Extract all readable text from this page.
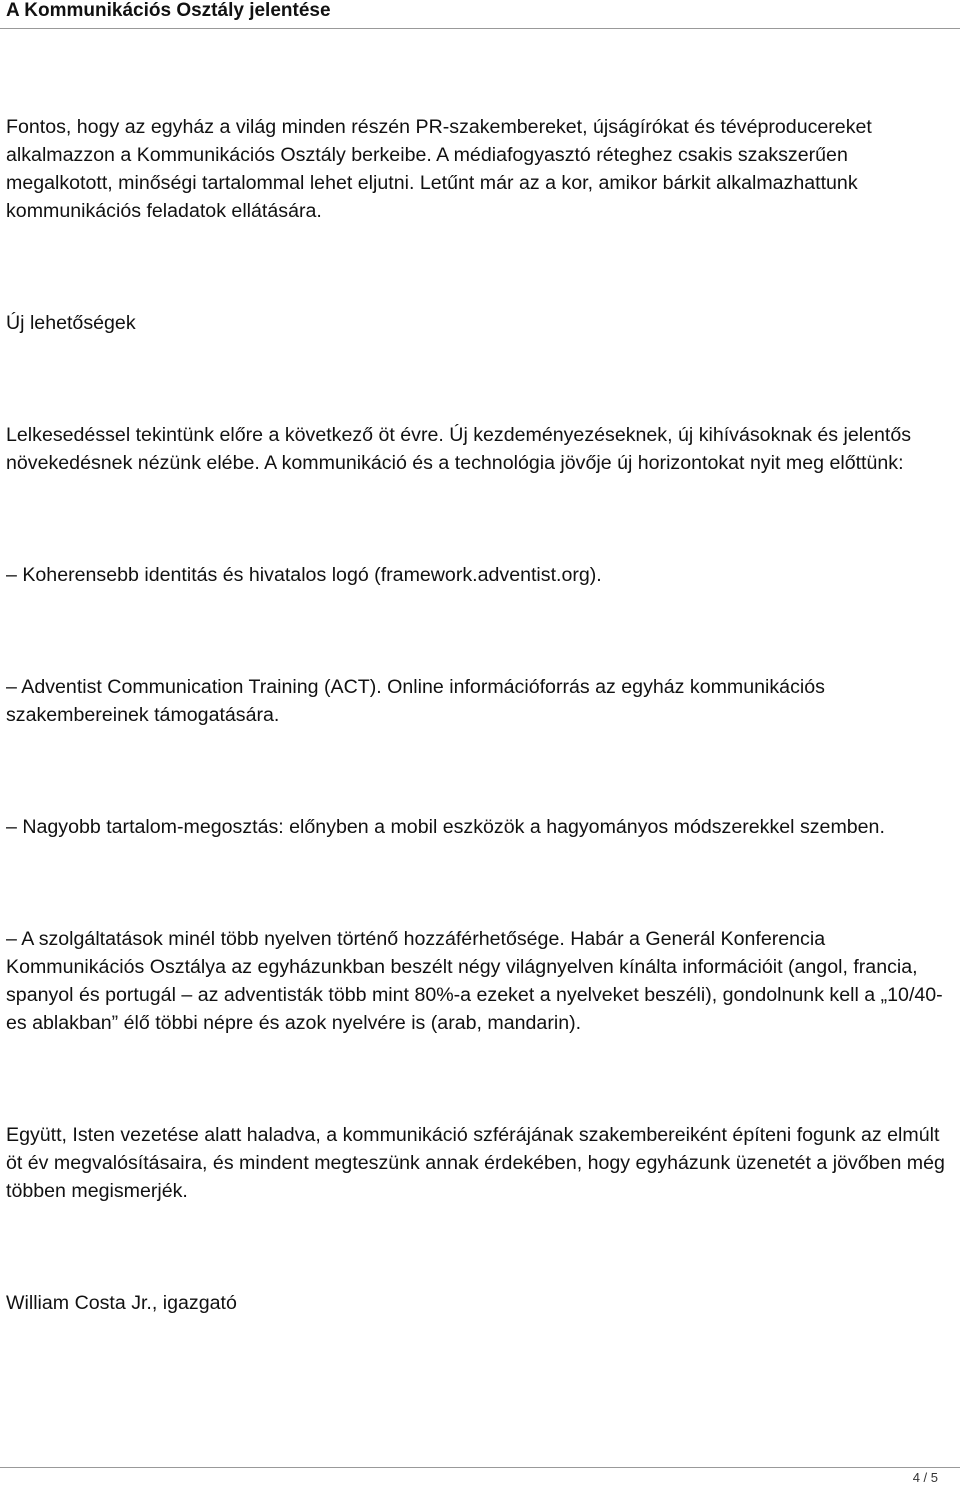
A Kommunikációs Osztály jelentése

Fontos, hogy az egyház a világ minden részén PR-szakembereket, újságírókat és tévéproducereket alkalmazzon a Kommunikációs Osztály berkeibe. A médiafogyasztó réteghez csakis szakszerűen megalkotott, minőségi tartalommal lehet eljutni. Letűnt már az a kor, amikor bárkit alkalmazhattunk kommunikációs feladatok ellátására.

Új lehetőségek

Lelkesedéssel tekintünk előre a következő öt évre. Új kezdeményezéseknek, új kihívásoknak és jelentős növekedésnek nézünk elébe. A kommunikáció és a technológia jövője új horizontokat nyit meg előttünk:

– Koherensebb identitás és hivatalos logó (framework.adventist.org).

– Adventist Communication Training (ACT). Online információforrás az egyház kommunikációs szakembereinek támogatására.

– Nagyobb tartalom-megosztás: előnyben a mobil eszközök a hagyományos módszerekkel szemben.

– A szolgáltatások minél több nyelven történő hozzáférhetősége. Habár a Generál Konferencia Kommunikációs Osztálya az egyházunkban beszélt négy világnyelven kínálta információit (angol, francia, spanyol és portugál – az adventisták több mint 80%-a ezeket a nyelveket beszéli), gondolnunk kell a „10/40-es ablakban” élő többi népre és azok nyelvére is (arab, mandarin).

Együtt, Isten vezetése alatt haladva, a kommunikáció szférájának szakembereiként építeni fogunk az elmúlt öt év megvalósításaira, és mindent megteszünk annak érdekében, hogy egyházunk üzenetét a jövőben még többen megismerjék.

William Costa Jr., igazgató

4 / 5
